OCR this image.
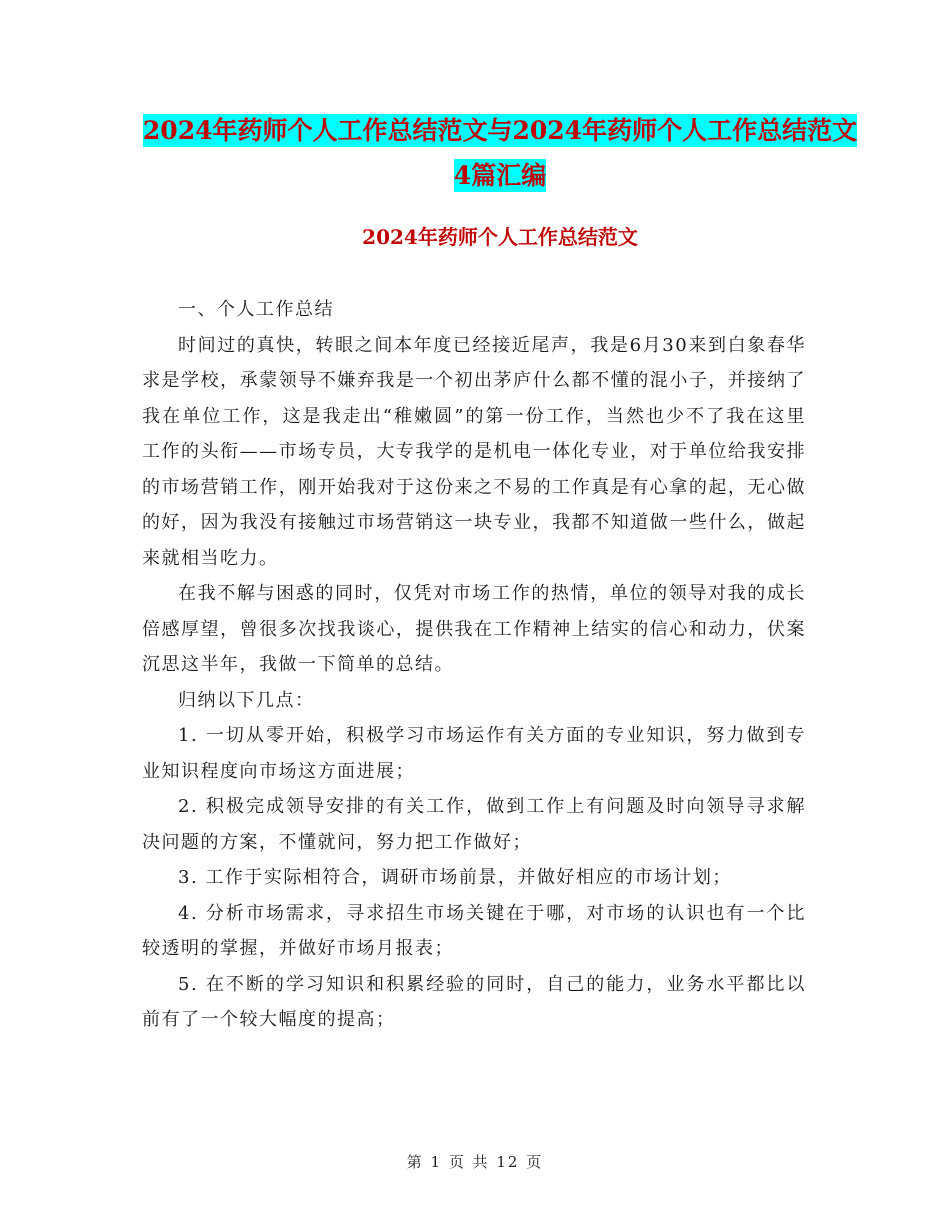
2024年药师个人工作总结范文与2024年药师个人工作总结范文4篇汇编
2024年药师个人工作总结范文

一、个人工作总结

时间过的真快，转眼之间本年度已经接近尾声，我是6月30来到白象春华求是学校，承蒙领导不嫌弃我是一个初出茅庐什么都不懂的混小子，并接纳了我在单位工作，这是我走出“稚嫩圆”的第一份工作，当然也少不了我在这里工作的头衔——市场专员，大专我学的是机电一体化专业，对于单位给我安排的市场营销工作，刚开始我对于这份来之不易的工作真是有心拿的起，无心做的好，因为我没有接触过市场营销这一块专业，我都不知道做一些什么，做起来就相当吃力。

在我不解与困惑的同时，仅凭对市场工作的热情，单位的领导对我的成长倍感厚望，曾很多次找我谈心，提供我在工作精神上结实的信心和动力，伏案沉思这半年，我做一下简单的总结。

归纳以下几点：

1. 一切从零开始，积极学习市场运作有关方面的专业知识，努力做到专业知识程度向市场这方面进展；

2. 积极完成领导安排的有关工作，做到工作上有问题及时向领导寻求解决问题的方案，不懂就问，努力把工作做好；

3. 工作于实际相符合，调研市场前景，并做好相应的市场计划；

4. 分析市场需求，寻求招生市场关键在于哪，对市场的认识也有一个比较透明的掌握，并做好市场月报表；

5. 在不断的学习知识和积累经验的同时，自己的能力，业务水平都比以前有了一个较大幅度的提高；

第 1 页 共 12 页
